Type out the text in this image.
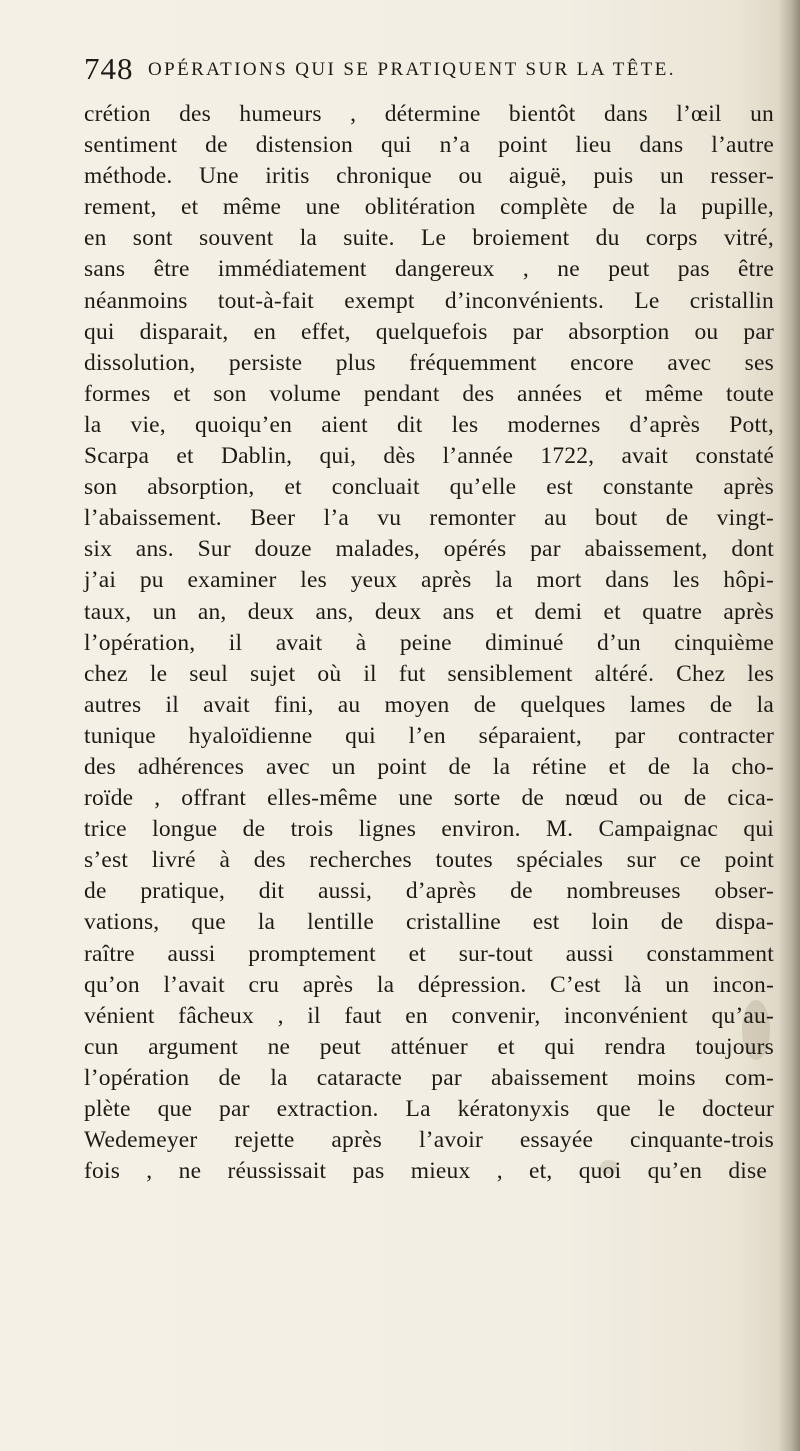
748 OPÉRATIONS QUI SE PRATIQUENT SUR LA TÊTE.
crétion des humeurs , détermine bientôt dans l’œil un
sentiment de distension qui n’a point lieu dans l’autre
méthode. Une iritis chronique ou aiguë, puis un resser-
rement, et même une oblitération complète de la pupille,
en sont souvent la suite. Le broiement du corps vitré,
sans être immédiatement dangereux , ne peut pas être
néanmoins tout-à-fait exempt d’inconvénients. Le cristallin
qui disparait, en effet, quelquefois par absorption ou par
dissolution, persiste plus fréquemment encore avec ses
formes et son volume pendant des années et même toute
la vie, quoiqu’en aient dit les modernes d’après Pott,
Scarpa et Dablin, qui, dès l’année 1722, avait constaté
son absorption, et concluait qu’elle est constante après
l’abaissement. Beer l’a vu remonter au bout de vingt-
six ans. Sur douze malades, opérés par abaissement, dont
j’ai pu examiner les yeux après la mort dans les hôpi-
taux, un an, deux ans, deux ans et demi et quatre après
l’opération, il avait à peine diminué d’un cinquième
chez le seul sujet où il fut sensiblement altéré. Chez les
autres il avait fini, au moyen de quelques lames de la
tunique hyaloïdienne qui l’en séparaient, par contracter
des adhérences avec un point de la rétine et de la cho-
roïde , offrant elles-même une sorte de nœud ou de cica-
trice longue de trois lignes environ. M. Campaignac qui
s’est livré à des recherches toutes spéciales sur ce point
de pratique, dit aussi, d’après de nombreuses obser-
vations, que la lentille cristalline est loin de dispa-
raître aussi promptement et sur-tout aussi constamment
qu’on l’avait cru après la dépression. C’est là un incon-
vénient fâcheux , il faut en convenir, inconvénient qu’au-
cun argument ne peut atténuer et qui rendra toujours
l’opération de la cataracte par abaissement moins com-
plète que par extraction. La kératonyxis que le docteur
Wedemeyer rejette après l’avoir essayée cinquante-trois
fois , ne réussissait pas mieux , et, quoi qu’en dise
